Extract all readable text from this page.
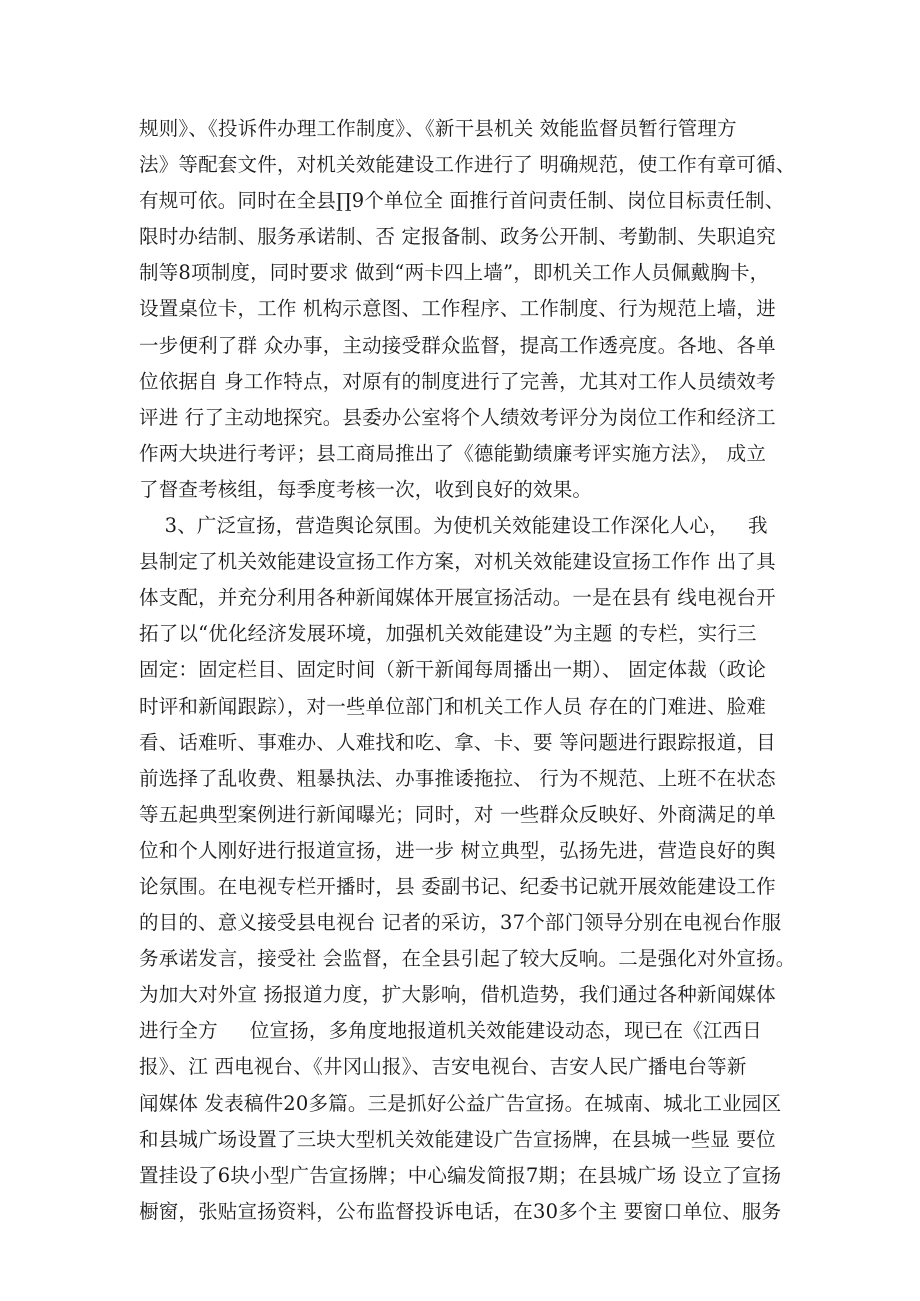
规则》、《投诉件办理工作制度》、《新干县机关 效能监督员暂行管理方
法》等配套文件，对机关效能建设工作进行了 明确规范，使工作有章可循、
有规可依。同时在全县∏9个单位全 面推行首问责任制、岗位目标责任制、
限时办结制、服务承诺制、否 定报备制、政务公开制、考勤制、失职追究
制等8项制度，同时要求 做到“两卡四上墙”，即机关工作人员佩戴胸卡，
设置桌位卡，工作 机构示意图、工作程序、工作制度、行为规范上墙，进
一步便利了群 众办事，主动接受群众监督，提高工作透亮度。各地、各单
位依据自 身工作特点，对原有的制度进行了完善，尤其对工作人员绩效考
评进 行了主动地探究。县委办公室将个人绩效考评分为岗位工作和经济工
作两大块进行考评；县工商局推出了《德能勤绩廉考评实施方法》， 成立
了督查考核组，每季度考核一次，收到良好的效果。
3、广泛宣扬，营造舆论氛围。为使机关效能建设工作深化人心，   我
县制定了机关效能建设宣扬工作方案，对机关效能建设宣扬工作作 出了具
体支配，并充分利用各种新闻媒体开展宣扬活动。一是在县有 线电视台开
拓了以“优化经济发展环境，加强机关效能建设”为主题 的专栏，实行三
固定：固定栏目、固定时间（新干新闻每周播出一期）、 固定体裁（政论
时评和新闻跟踪），对一些单位部门和机关工作人员 存在的门难进、脸难
看、话难听、事难办、人难找和吃、拿、卡、要 等问题进行跟踪报道，目
前选择了乱收费、粗暴执法、办事推诿拖拉、 行为不规范、上班不在状态
等五起典型案例进行新闻曝光；同时，对 一些群众反映好、外商满足的单
位和个人刚好进行报道宣扬，进一步 树立典型，弘扬先进，营造良好的舆
论氛围。在电视专栏开播时，县 委副书记、纪委书记就开展效能建设工作
的目的、意义接受县电视台 记者的采访，37个部门领导分别在电视台作服
务承诺发言，接受社 会监督，在全县引起了较大反响。二是强化对外宣扬。
为加大对外宣 扬报道力度，扩大影响，借机造势，我们通过各种新闻媒体
进行全方     位宣扬，多角度地报道机关效能建设动态，现已在《江西日
报》、江 西电视台、《井冈山报》、吉安电视台、吉安人民广播电台等新
闻媒体 发表稿件20多篇。三是抓好公益广告宣扬。在城南、城北工业园区
和县城广场设置了三块大型机关效能建设广告宣扬牌，在县城一些显 要位
置挂设了6块小型广告宣扬牌；中心编发简报7期；在县城广场 设立了宣扬
橱窗，张贴宣扬资料，公布监督投诉电话，在30多个主 要窗口单位、服务
